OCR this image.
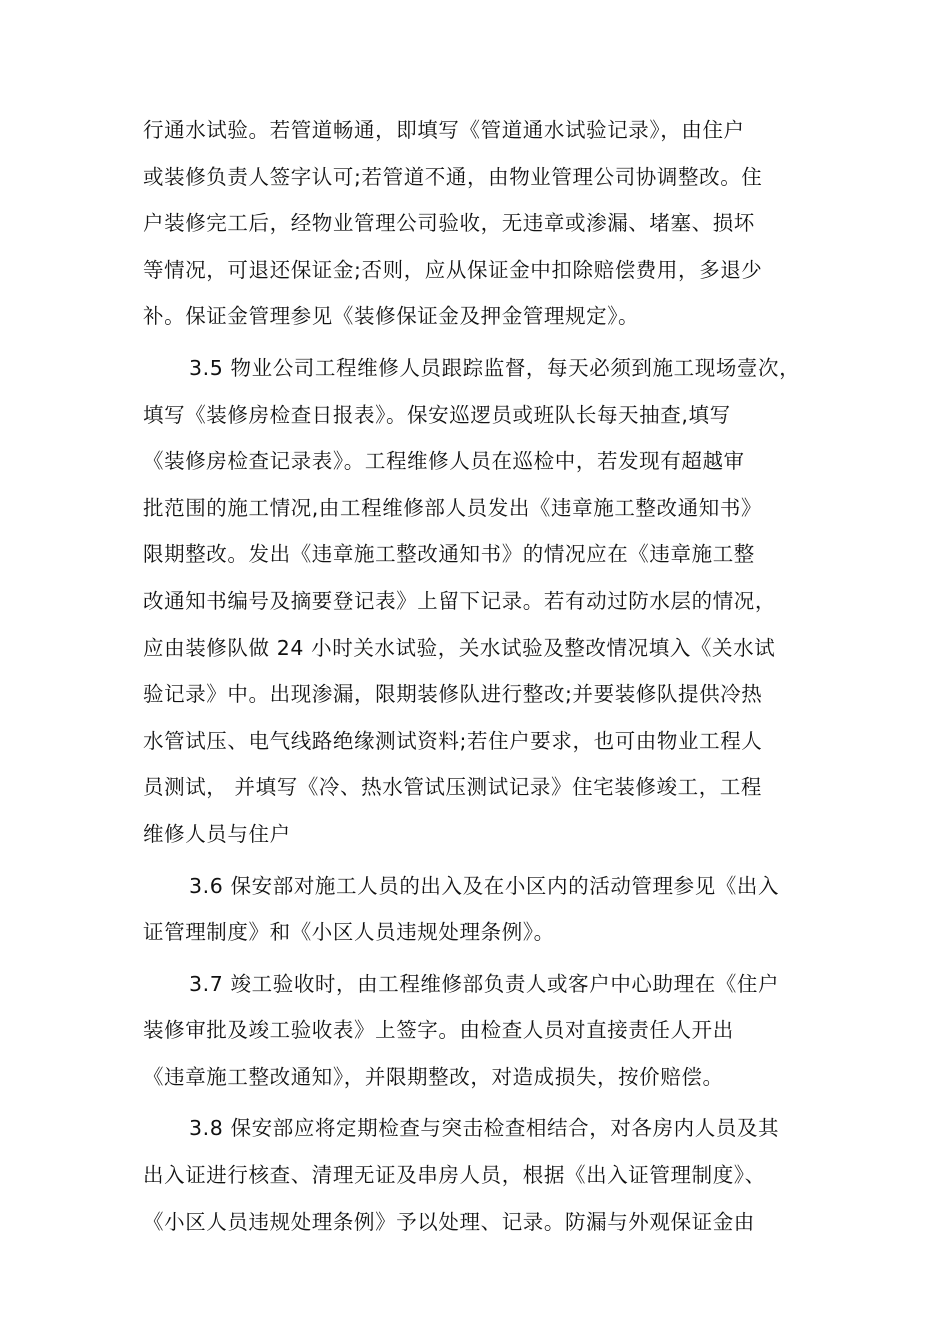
行通水试验。若管道畅通，即填写《管道通水试验记录》，由住户
或装修负责人签字认可;若管道不通，由物业管理公司协调整改。住
户装修完工后，经物业管理公司验收，无违章或渗漏、堵塞、损坏
等情况，可退还保证金;否则，应从保证金中扣除赔偿费用，多退少
补。保证金管理参见《装修保证金及押金管理规定》。
3.5 物业公司工程维修人员跟踪监督，每天必须到施工现场壹次，
填写《装修房检查日报表》。保安巡逻员或班队长每天抽查,填写
《装修房检查记录表》。工程维修人员在巡检中，若发现有超越审
批范围的施工情况,由工程维修部人员发出《违章施工整改通知书》
限期整改。发出《违章施工整改通知书》的情况应在《违章施工整
改通知书编号及摘要登记表》上留下记录。若有动过防水层的情况，
应由装修队做 24 小时关水试验，关水试验及整改情况填入《关水试
验记录》中。出现渗漏，限期装修队进行整改;并要装修队提供冷热
水管试压、电气线路绝缘测试资料;若住户要求，也可由物业工程人
员测试， 并填写《冷、热水管试压测试记录》住宅装修竣工，工程
维修人员与住户
3.6 保安部对施工人员的出入及在小区内的活动管理参见《出入
证管理制度》和《小区人员违规处理条例》。
3.7 竣工验收时，由工程维修部负责人或客户中心助理在《住户
装修审批及竣工验收表》上签字。由检查人员对直接责任人开出
《违章施工整改通知》，并限期整改，对造成损失，按价赔偿。
3.8 保安部应将定期检查与突击检查相结合，对各房内人员及其
出入证进行核查、清理无证及串房人员，根据《出入证管理制度》、
《小区人员违规处理条例》予以处理、记录。防漏与外观保证金由
